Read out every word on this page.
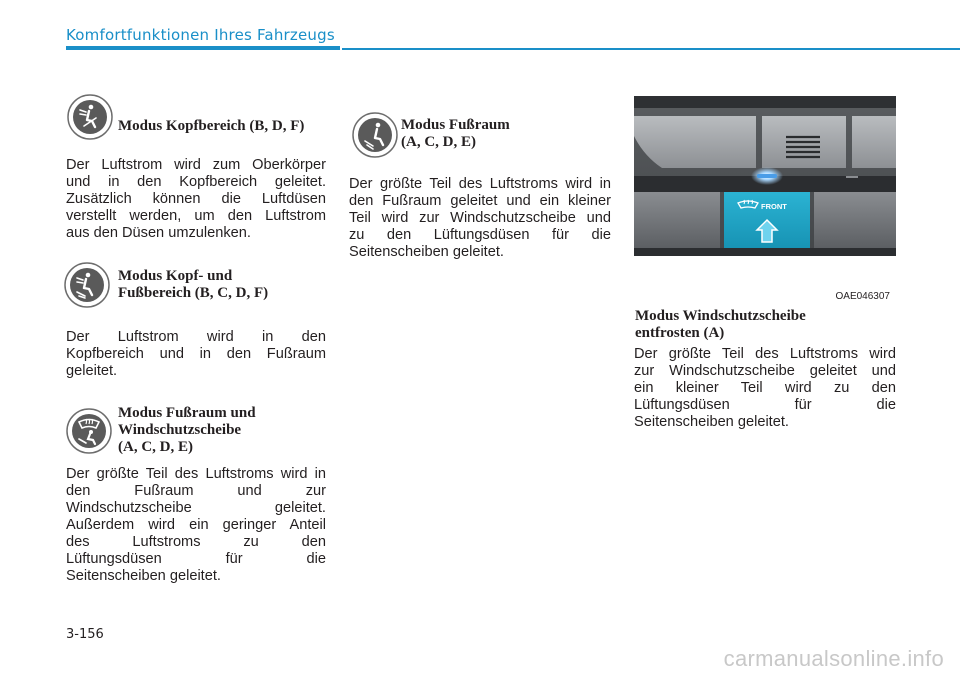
Komfortfunktionen Ihres Fahrzeugs
Modus Kopfbereich (B, D, F)
Der Luftstrom wird zum Oberkörper
und in den Kopfbereich geleitet.
Zusätzlich können die Luftdüsen
verstellt werden, um den Luftstrom
aus den Düsen umzulenken.
Modus Kopf- und
Fußbereich (B, C, D, F)
Der Luftstrom wird in den
Kopfbereich und in den Fußraum
geleitet.
Modus Fußraum und
Windschutzscheibe
(A, C, D, E)
Der größte Teil des Luftstroms wird in
den Fußraum und zur
Windschutzscheibe geleitet.
Außerdem wird ein geringer Anteil
des Luftstroms zu den
Lüftungsdüsen für die
Seitenscheiben geleitet.
Modus Fußraum
(A, C, D, E)
Der größte Teil des Luftstroms wird in
den Fußraum geleitet und ein kleiner
Teil wird zur Windschutzscheibe und
zu den Lüftungsdüsen für die
Seitenscheiben geleitet.
FRONT
OAE046307
Modus Windschutzscheibe
entfrosten (A)
Der größte Teil des Luftstroms wird
zur Windschutzscheibe geleitet und
ein kleiner Teil wird zu den
Lüftungsdüsen für die
Seitenscheiben geleitet.
3-156
carmanualsonline.info
